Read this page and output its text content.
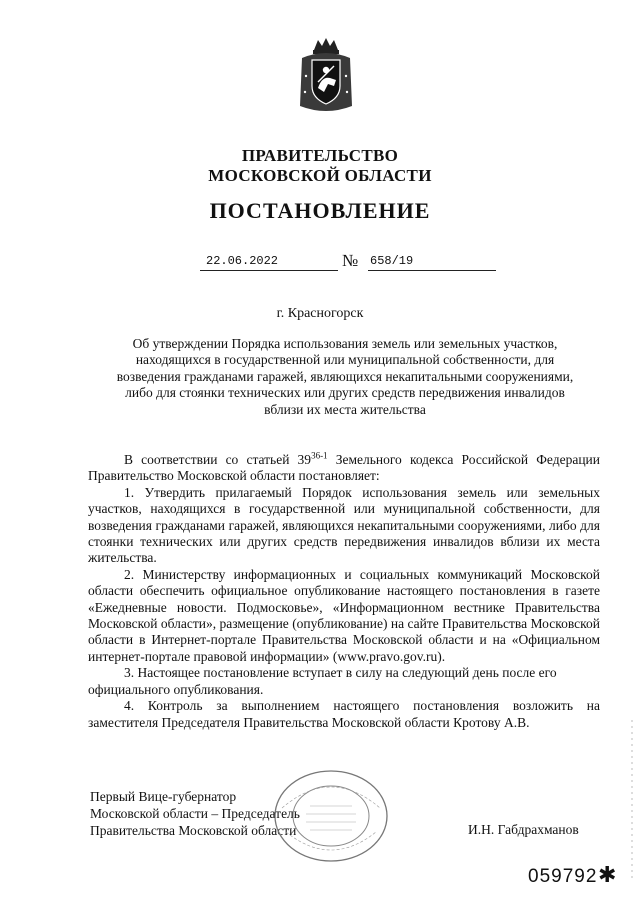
ПРАВИТЕЛЬСТВО
МОСКОВСКОЙ ОБЛАСТИ
ПОСТАНОВЛЕНИЕ
22.06.2022	№ 658/19
г. Красногорск
Об утверждении Порядка использования земель или земельных участков,
находящихся в государственной или муниципальной собственности, для
возведения гражданами гаражей, являющихся некапитальными сооружениями,
либо для стоянки технических или других средств передвижения инвалидов
вблизи их места жительства

В соответствии со статьей 39$^{36-1}$ Земельного кодекса Российской Федерации Правительство Московской области постановляет:

1. Утвердить прилагаемый Порядок использования земель или земельных участков, находящихся в государственной или муниципальной собственности, для возведения гражданами гаражей, являющихся некапитальными сооружениями, либо для стоянки технических или других средств передвижения инвалидов вблизи их места жительства.

2. Министерству информационных и социальных коммуникаций Московской области обеспечить официальное опубликование настоящего постановления в газете «Ежедневные новости. Подмосковье», «Информационном вестнике Правительства Московской области», размещение (опубликование) на сайте Правительства Московской области в Интернет-портале Правительства Московской области и на «Официальном интернет-портале правовой информации» (www.pravo.gov.ru).

3. Настоящее постановление вступает в силу на следующий день после его официального опубликования.

4. Контроль за выполнением настоящего постановления возложить на заместителя Председателя Правительства Московской области Кротову А.В.

Первый Вице-губернатор
Московской области – Председатель
Правительства Московской области	И.Н. Габдрахманов
059792 ✱
